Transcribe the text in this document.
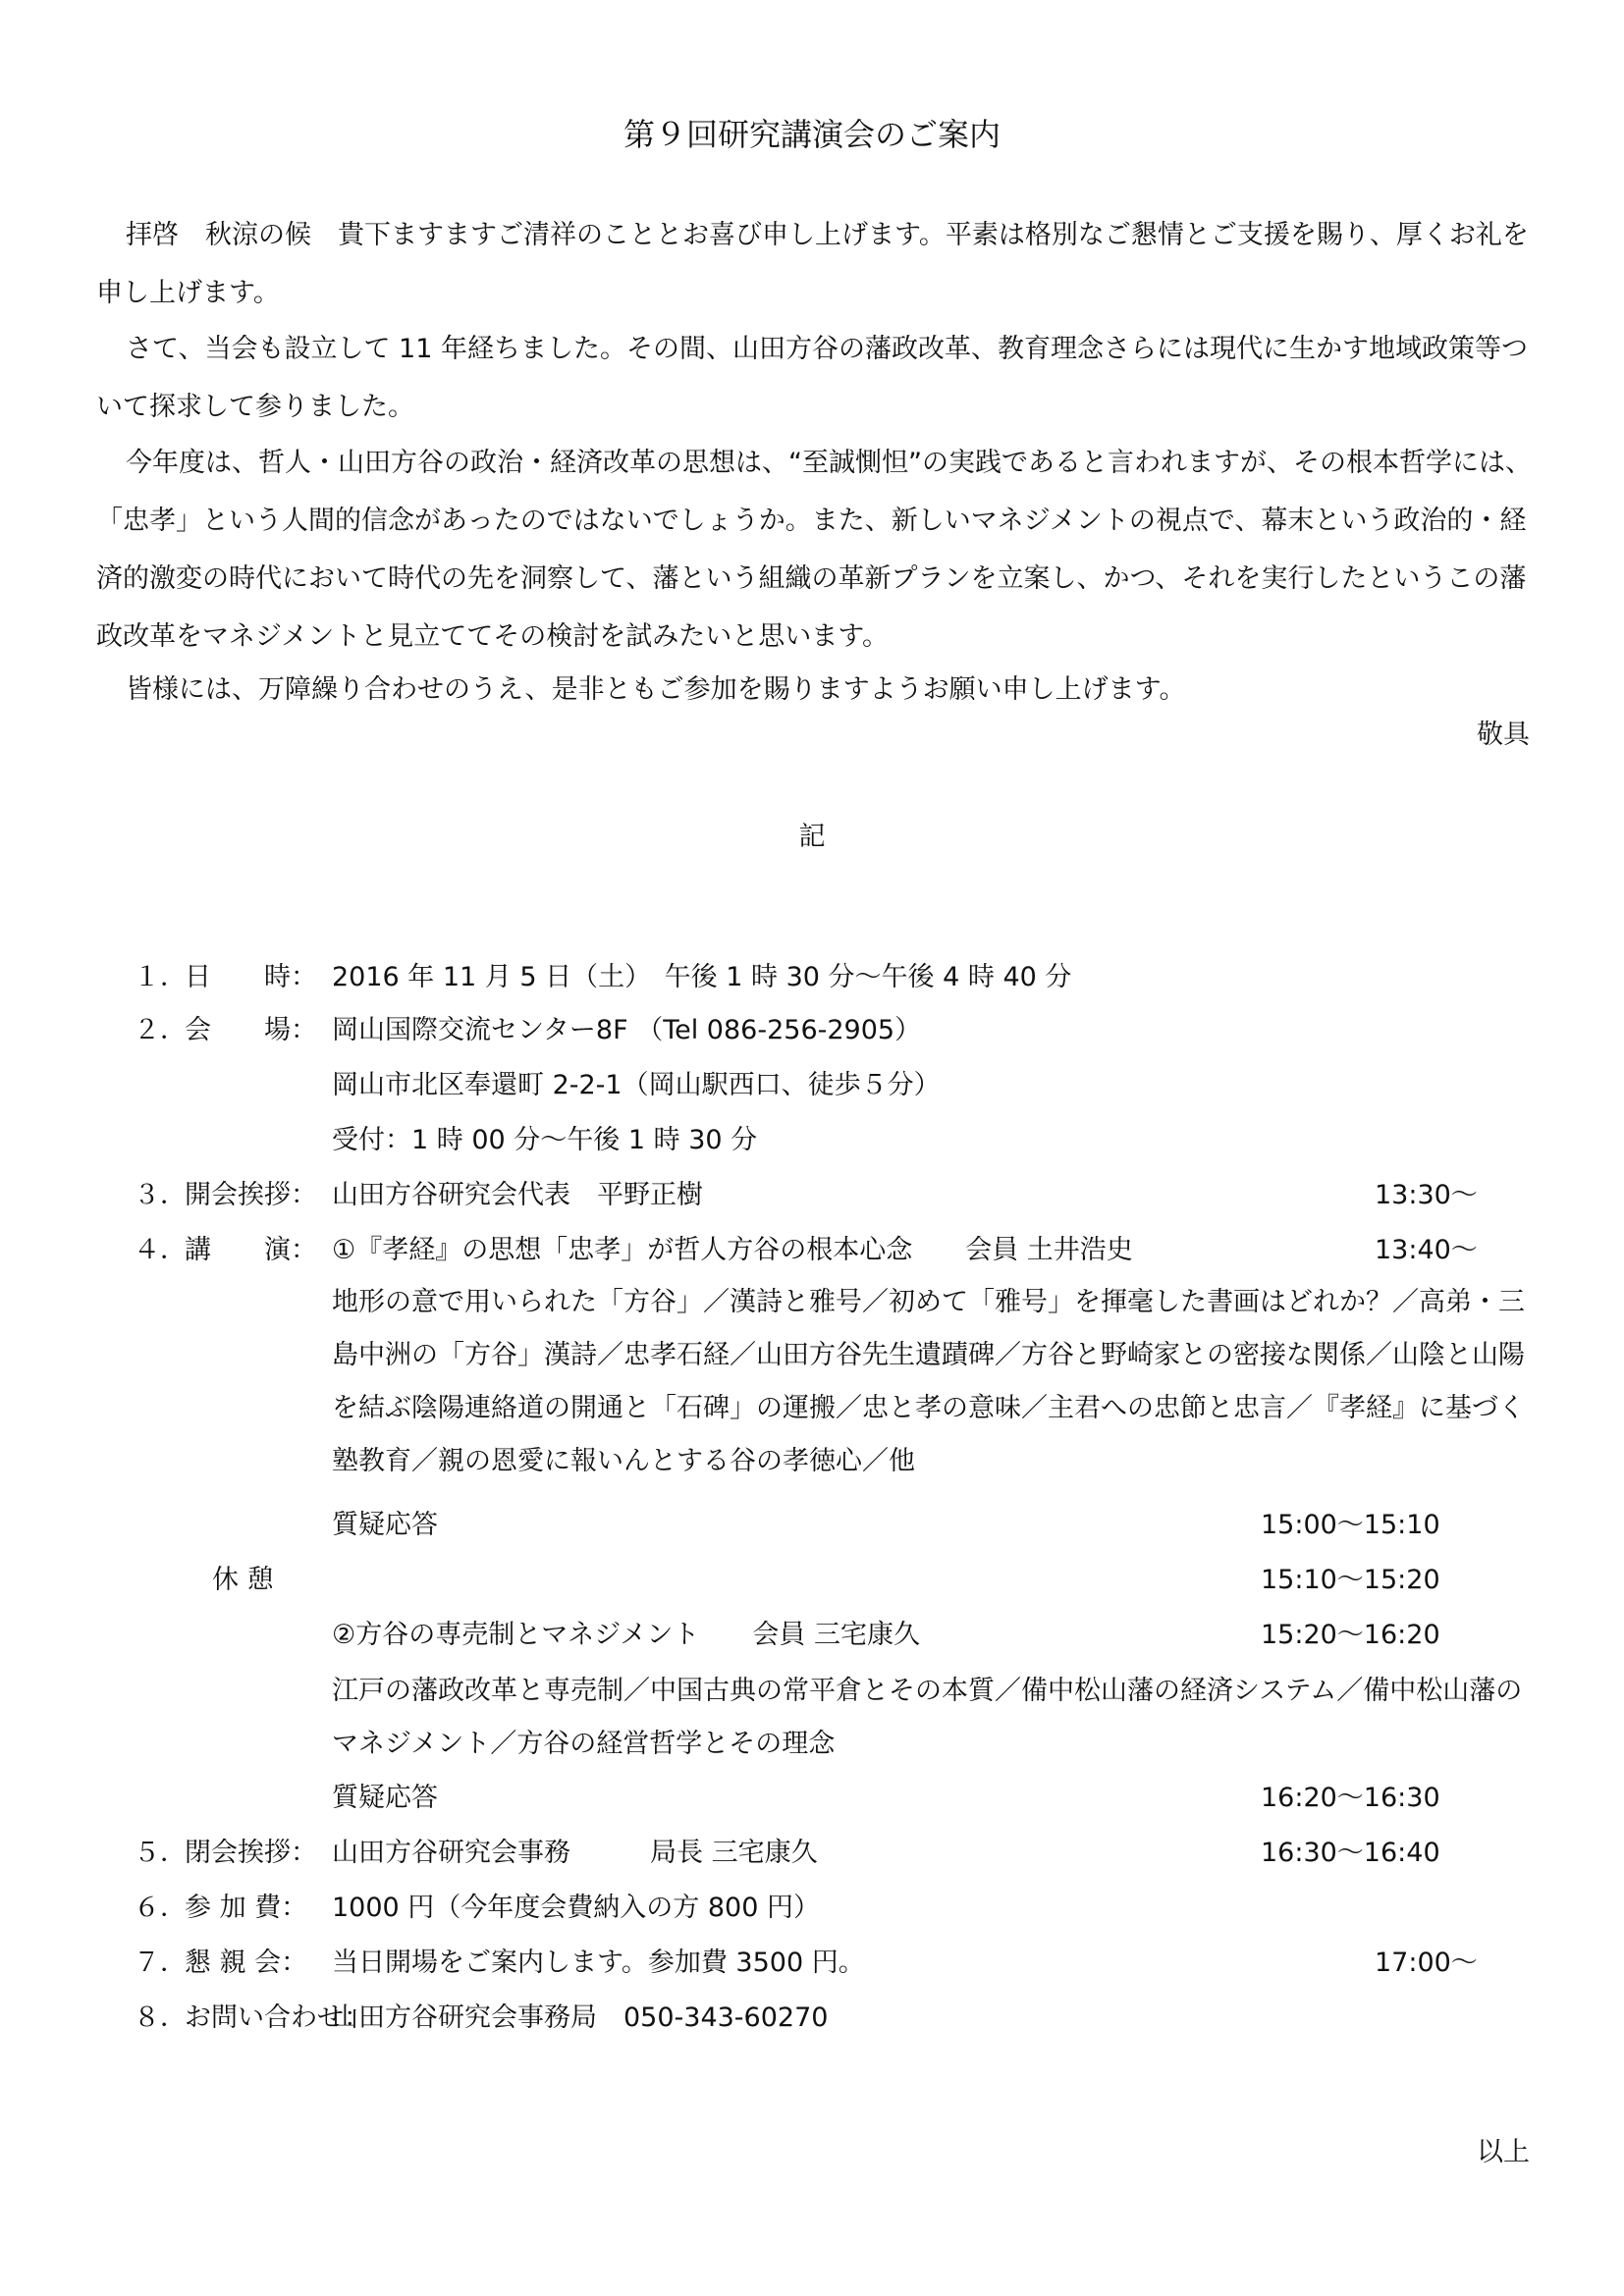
第９回研究講演会のご案内

拝啓　秋涼の候　貴下ますますご清祥のこととお喜び申し上げます。平素は格別なご懇情とご支援を賜り、厚くお礼を申し上げます。

さて、当会も設立して 11 年経ちました。その間、山田方谷の藩政改革、教育理念さらには現代に生かす地域政策等ついて探求して参りました。

今年度は、哲人・山田方谷の政治・経済改革の思想は、“至誠惻怛”の実践であると言われますが、その根本哲学には、「忠孝」という人間的信念があったのではないでしょうか。また、新しいマネジメントの視点で、幕末という政治的・経済的激変の時代において時代の先を洞察して、藩という組織の革新プランを立案し、かつ、それを実行したというこの藩政改革をマネジメントと見立ててその検討を試みたいと思います。

皆様には、万障繰り合わせのうえ、是非ともご参加を賜りますようお願い申し上げます。

敬具
記
１．
日　　時： 2016 年 11 月 5 日（土）　午後 1 時 30 分～午後 4 時 40 分
２．
会　　場： 岡山国際交流センター8F （Tel 086-256-2905）
岡山市北区奉還町 2-2-1（岡山駅西口、徒歩５分）
受付：1 時 00 分～午後 1 時 30 分
３．
開会挨拶： 山田方谷研究会代表　平野正樹	13:30～
４．
講　　演： ①『孝経』の思想「忠孝」が哲人方谷の根本心念　　会員 土井浩史	13:40～
地形の意で用いられた「方谷」／漢詩と雅号／初めて「雅号」を揮毫した書画はどれか？／高弟・三島中洲の「方谷」漢詩／忠孝石経／山田方谷先生遺蹟碑／方谷と野崎家との密接な関係／山陰と山陽を結ぶ陰陽連絡道の開通と「石碑」の運搬／忠と孝の意味／主君への忠節と忠言／『孝経』に基づく塾教育／親の恩愛に報いんとする谷の孝徳心／他
質疑応答	15:00～15:10
休 憩	15:10～15:20
②方谷の専売制とマネジメント　　会員 三宅康久	15:20～16:20
江戸の藩政改革と専売制／中国古典の常平倉とその本質／備中松山藩の経済システム／備中松山藩のマネジメント／方谷の経営哲学とその理念
質疑応答	16:20～16:30
５．
閉会挨拶： 山田方谷研究会事務　　　局長 三宅康久	16:30～16:40
６．
参 加 費： 1000 円（今年度会費納入の方 800 円）
７．
懇 親 会： 当日開場をご案内します。参加費 3500 円。	17:00～
８．
お問い合わせ：
山田方谷研究会事務局　050-343-60270
以上
